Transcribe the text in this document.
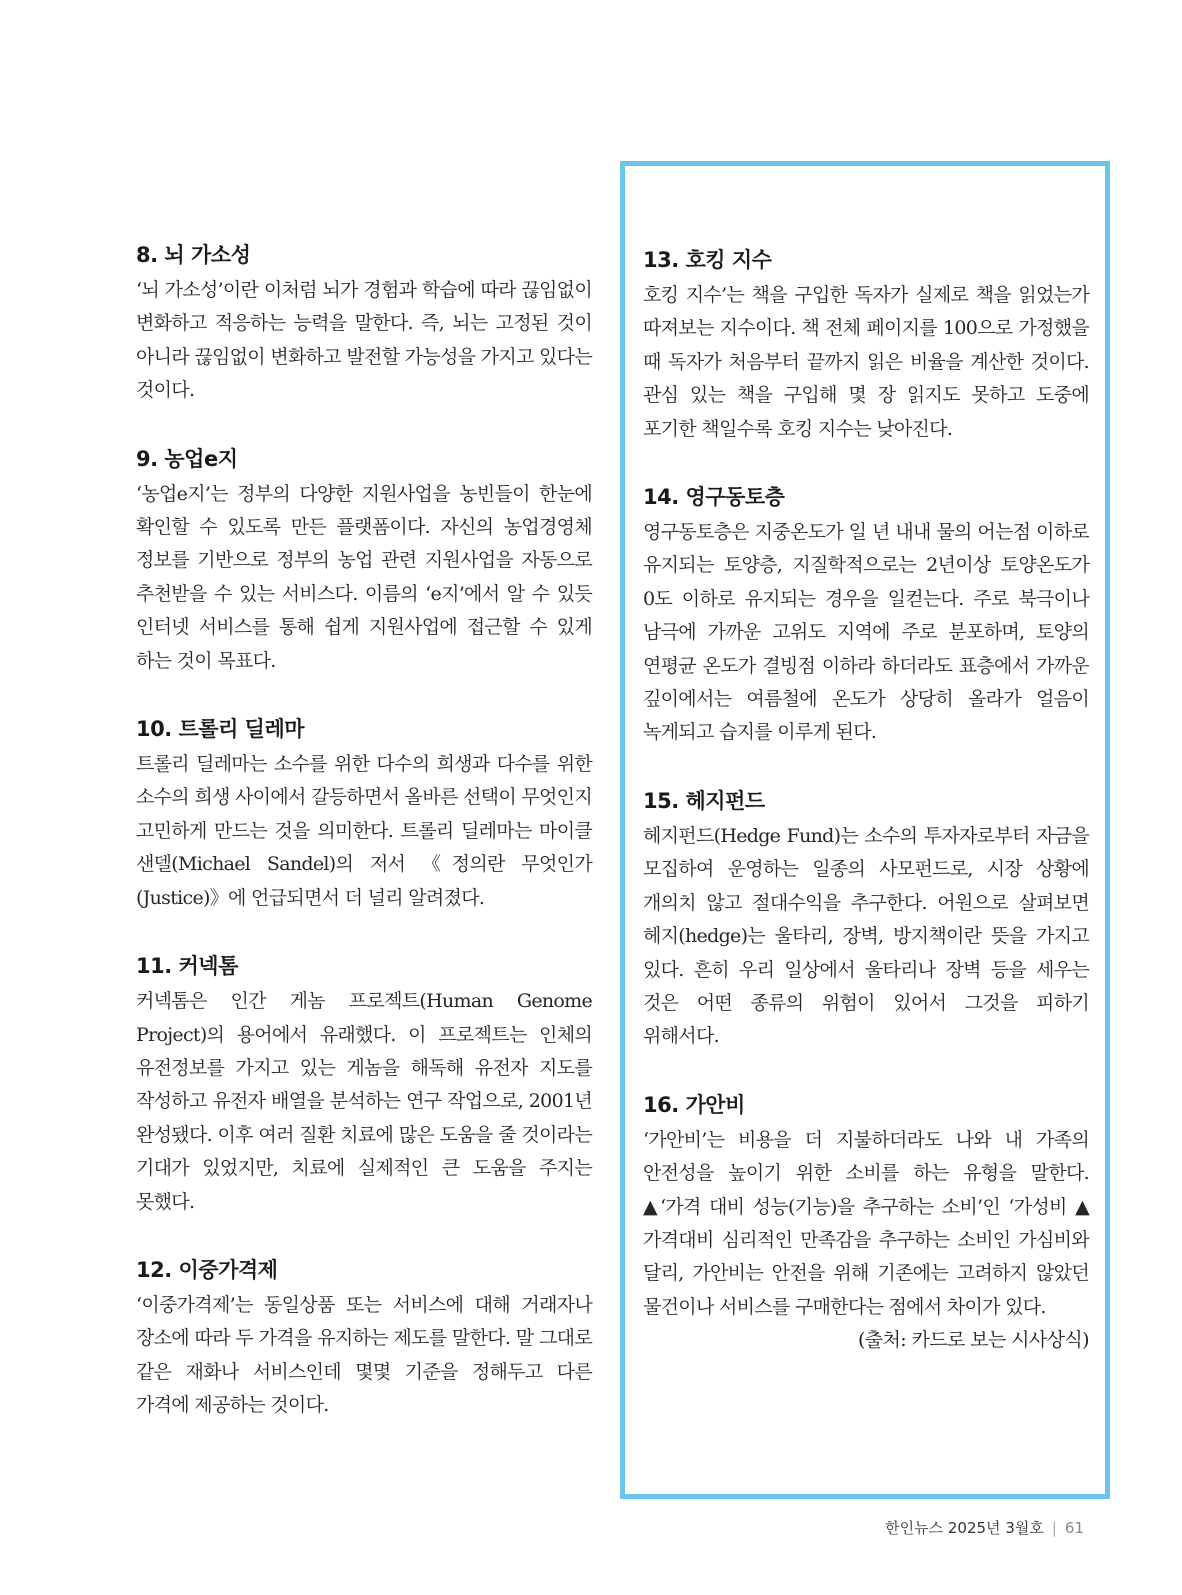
8. 뇌 가소성

‘뇌 가소성’이란 이처럼 뇌가 경험과 학습에 따라 끊임없이 변화하고 적응하는 능력을 말한다. 즉, 뇌는 고정된 것이 아니라 끊임없이 변화하고 발전할 가능성을 가지고 있다는 것이다.

9. 농업e지

‘농업e지’는 정부의 다양한 지원사업을 농빈들이 한눈에 확인할 수 있도록 만든 플랫폼이다. 자신의 농업경영체 정보를 기반으로 정부의 농업 관련 지원사업을 자동으로 추천받을 수 있는 서비스다. 이름의 ‘e지’에서 알 수 있듯 인터넷 서비스를 통해 쉽게 지원사업에 접근할 수 있게 하는 것이 목표다.

10. 트롤리 딜레마

트롤리 딜레마는 소수를 위한 다수의 희생과 다수를 위한 소수의 희생 사이에서 갈등하면서 올바른 선택이 무엇인지 고민하게 만드는 것을 의미한다. 트롤리 딜레마는 마이클 샌델(Michael Sandel)의 저서 《정의란 무엇인가(Justice)》에 언급되면서 더 널리 알려졌다.

11. 커넥톰

커넥톰은 인간 게놈 프로젝트(Human Genome Project)의 용어에서 유래했다. 이 프로젝트는 인체의 유전정보를 가지고 있는 게놈을 해독해 유전자 지도를 작성하고 유전자 배열을 분석하는 연구 작업으로, 2001년 완성됐다. 이후 여러 질환 치료에 많은 도움을 줄 것이라는 기대가 있었지만, 치료에 실제적인 큰 도움을 주지는 못했다.

12. 이중가격제

‘이중가격제’는 동일상품 또는 서비스에 대해 거래자나 장소에 따라 두 가격을 유지하는 제도를 말한다. 말 그대로 같은 재화나 서비스인데 몇몇 기준을 정해두고 다른 가격에 제공하는 것이다.

13. 호킹 지수

호킹 지수’는 책을 구입한 독자가 실제로 책을 읽었는가 따져보는 지수이다. 책 전체 페이지를 100으로 가정했을 때 독자가 처음부터 끝까지 읽은 비율을 계산한 것이다. 관심 있는 책을 구입해 몇 장 읽지도 못하고 도중에 포기한 책일수록 호킹 지수는 낮아진다.

14. 영구동토층

영구동토층은 지중온도가 일 년 내내 물의 어는점 이하로 유지되는 토양층, 지질학적으로는 2년이상 토양온도가 0도 이하로 유지되는 경우을 일컫는다. 주로 북극이나 남극에 가까운 고위도 지역에 주로 분포하며, 토양의 연평균 온도가 결빙점 이하라 하더라도 표층에서 가까운 깊이에서는 여름철에 온도가 상당히 올라가 얼음이 녹게되고 습지를 이루게 된다.

15. 헤지펀드

헤지펀드(Hedge Fund)는 소수의 투자자로부터 자금을 모집하여 운영하는 일종의 사모펀드로, 시장 상황에 개의치 않고 절대수익을 추구한다. 어원으로 살펴보면 헤지(hedge)는 울타리, 장벽, 방지책이란 뜻을 가지고 있다. 흔히 우리 일상에서 울타리나 장벽 등을 세우는 것은 어떤 종류의 위험이 있어서 그것을 피하기 위해서다.

16. 가안비

‘가안비’는 비용을 더 지불하더라도 나와 내 가족의 안전성을 높이기 위한 소비를 하는 유형을 말한다. ▲‘가격 대비 성능(기능)을 추구하는 소비’인 ‘가성비 ▲가격대비 심리적인 만족감을 추구하는 소비인 가심비와 달리, 가안비는 안전을 위해 기존에는 고려하지 않았던 물건이나 서비스를 구매한다는 점에서 차이가 있다.

(출처: 카드로 보는 시사상식)

한인뉴스 2025년 3월호 | 61
